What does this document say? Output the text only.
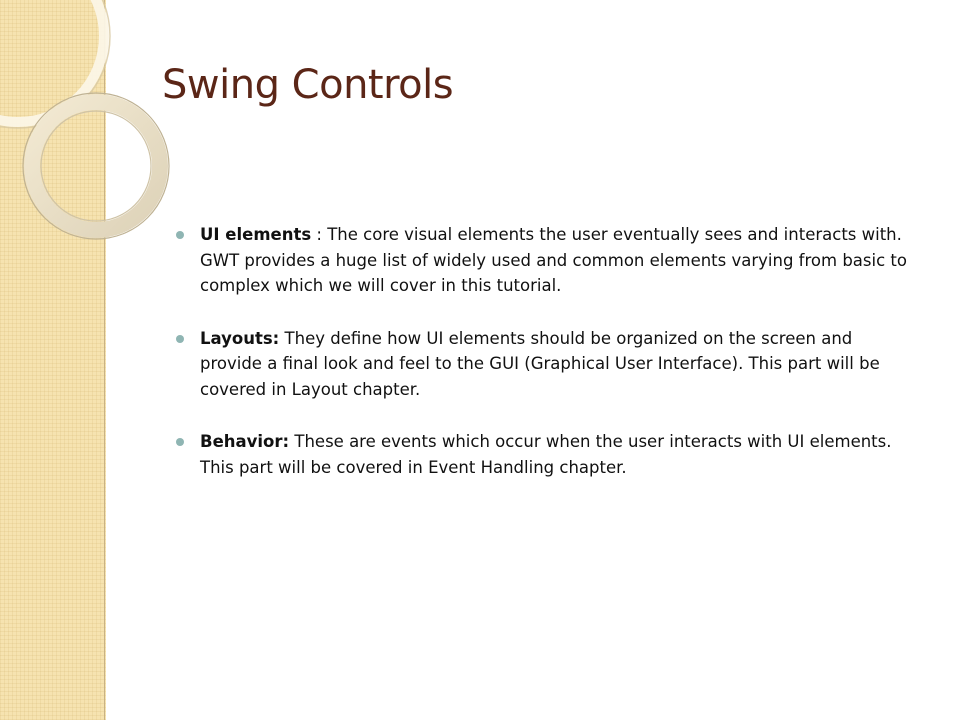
Swing Controls
UI elements : The core visual elements the user eventually sees and interacts with. GWT provides a huge list of widely used and common elements varying from basic to complex which we will cover in this tutorial.
Layouts: They define how UI elements should be organized on the screen and provide a final look and feel to the GUI (Graphical User Interface). This part will be covered in Layout chapter.
Behavior: These are events which occur when the user interacts with UI elements. This part will be covered in Event Handling chapter.
